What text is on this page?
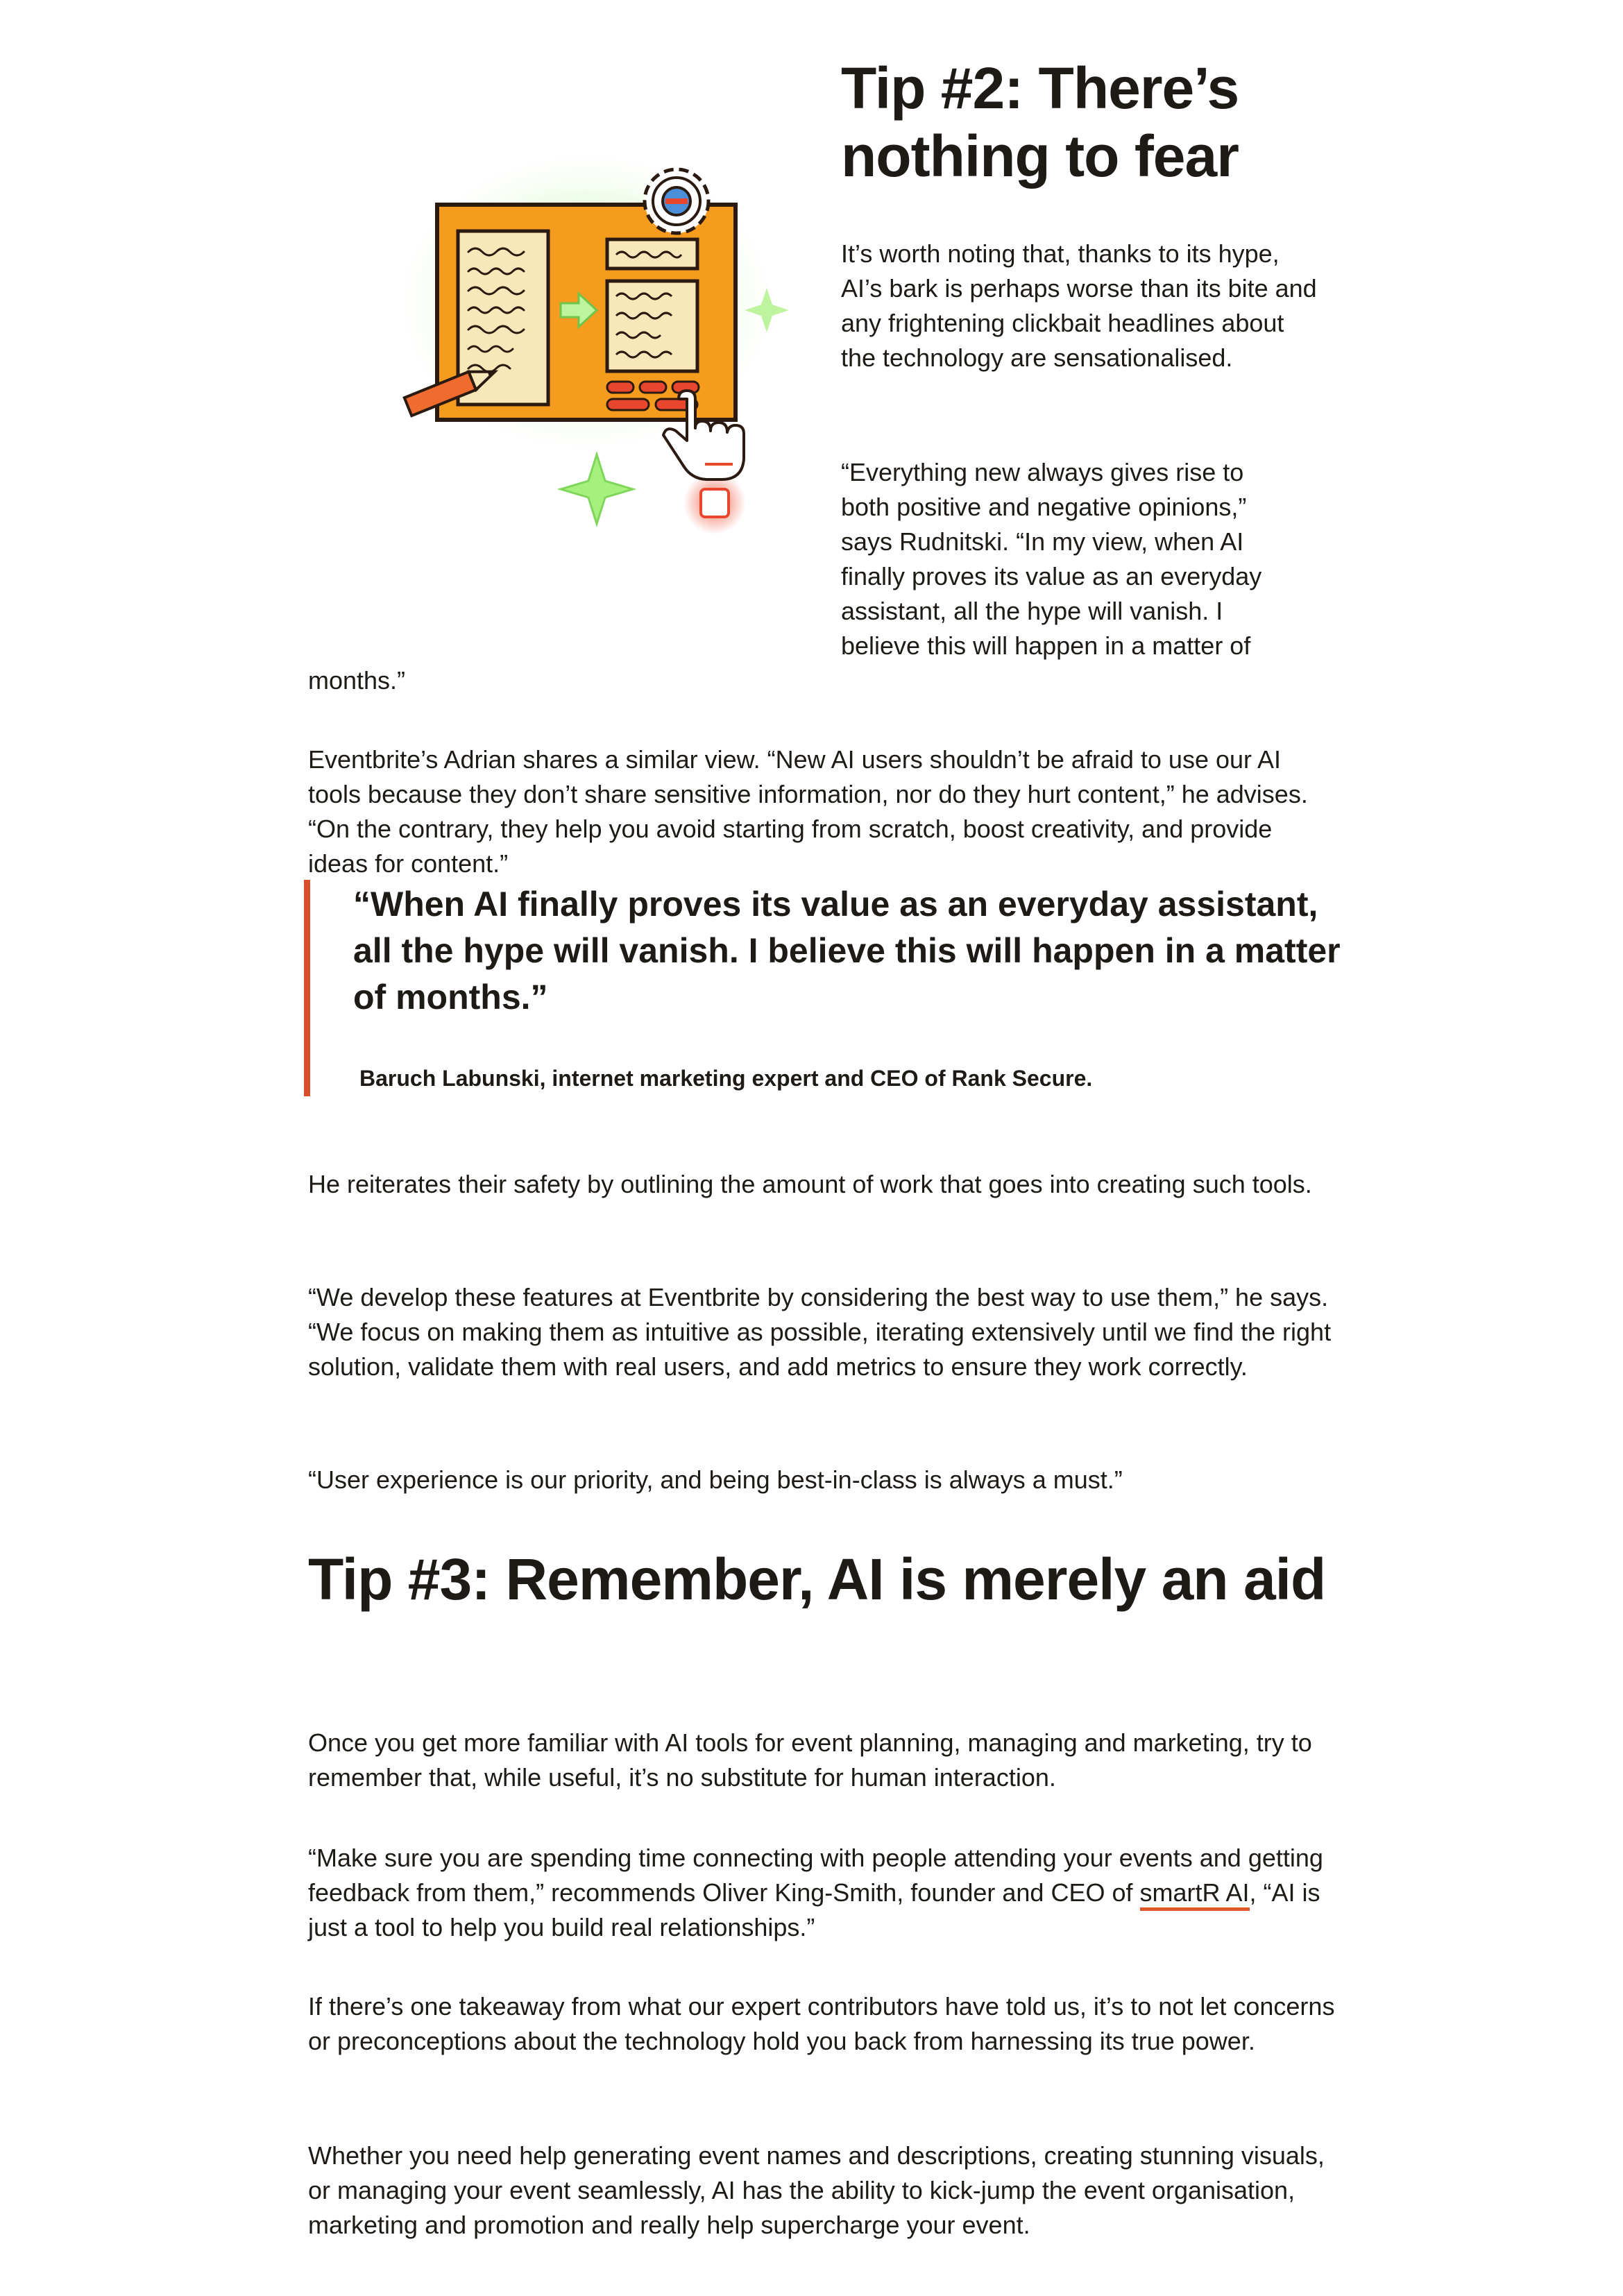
Tip #2: There’s nothing to fear

It’s worth noting that, thanks to its hype, AI’s bark is perhaps worse than its bite and any frightening clickbait headlines about the technology are sensationalised.

“Everything new always gives rise to
both positive and negative opinions,”
says Rudnitski. “In my view, when AI
finally proves its value as an everyday
assistant, all the hype will vanish. I
believe this will happen in a matter of

months.”

Eventbrite’s Adrian shares a similar view. “New AI users shouldn’t be afraid to use our AI tools because they don’t share sensitive information, nor do they hurt content,” he advises. “On the contrary, they help you avoid starting from scratch, boost creativity, and provide ideas for content.”

“When AI finally proves its value as an everyday assistant, all the hype will vanish. I believe this will happen in a matter of months.”

Baruch Labunski, internet marketing expert and CEO of Rank Secure.

He reiterates their safety by outlining the amount of work that goes into creating such tools.

“We develop these features at Eventbrite by considering the best way to use them,” he says. “We focus on making them as intuitive as possible, iterating extensively until we find the right solution, validate them with real users, and add metrics to ensure they work correctly.

“User experience is our priority, and being best-in-class is always a must.”

Tip #3: Remember, AI is merely an aid

Once you get more familiar with AI tools for event planning, managing and marketing, try to remember that, while useful, it’s no substitute for human interaction.

“Make sure you are spending time connecting with people attending your events and getting feedback from them,” recommends Oliver King-Smith, founder and CEO of smartR AI, “AI is just a tool to help you build real relationships.”

If there’s one takeaway from what our expert contributors have told us, it’s to not let concerns or preconceptions about the technology hold you back from harnessing its true power.

Whether you need help generating event names and descriptions, creating stunning visuals, or managing your event seamlessly, AI has the ability to kick-jump the event organisation, marketing and promotion and really help supercharge your event.
